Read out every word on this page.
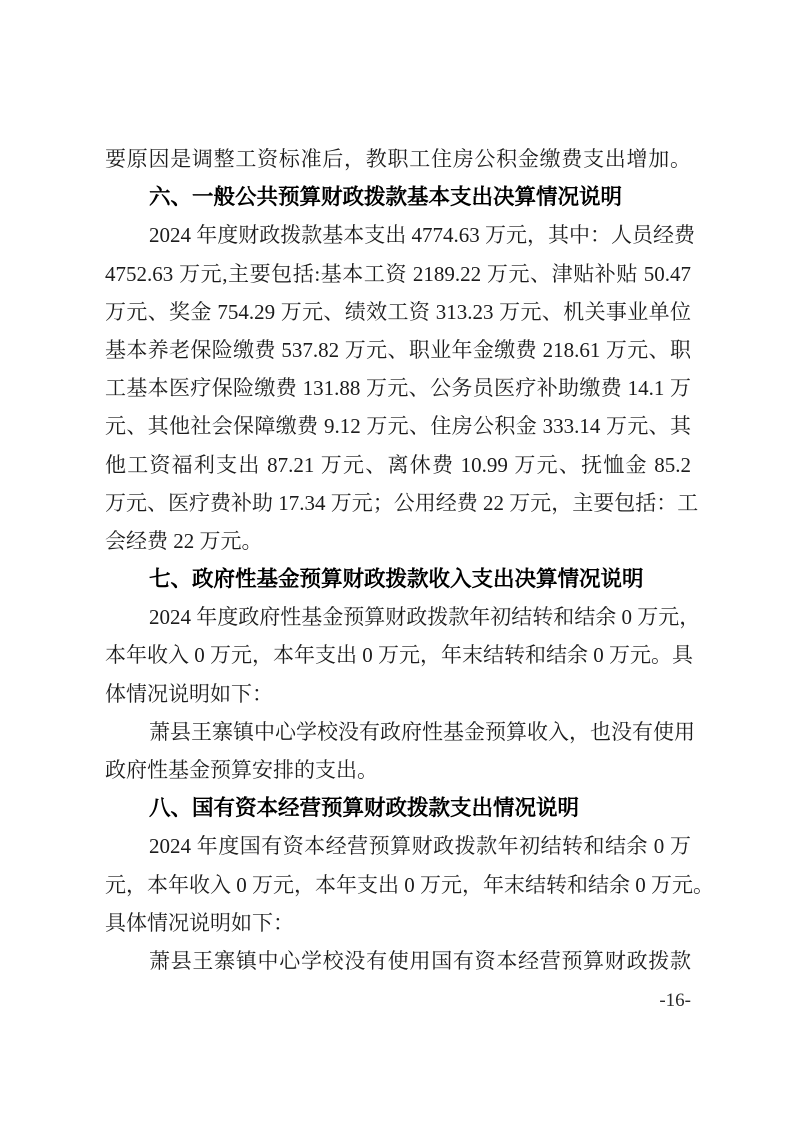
要原因是调整工资标准后，教职工住房公积金缴费支出增加。
六、一般公共预算财政拨款基本支出决算情况说明
2024 年度财政拨款基本支出 4774.63 万元，其中：人员经费
4752.63 万元,主要包括:基本工资 2189.22 万元、津贴补贴 50.47
万元、奖金 754.29 万元、绩效工资 313.23 万元、机关事业单位
基本养老保险缴费 537.82 万元、职业年金缴费 218.61 万元、职
工基本医疗保险缴费 131.88 万元、公务员医疗补助缴费 14.1 万
元、其他社会保障缴费 9.12 万元、住房公积金 333.14 万元、其
他工资福利支出 87.21 万元、离休费 10.99 万元、抚恤金 85.2
万元、医疗费补助 17.34 万元；公用经费 22 万元，主要包括：工
会经费 22 万元。
七、政府性基金预算财政拨款收入支出决算情况说明
2024 年度政府性基金预算财政拨款年初结转和结余 0 万元，
本年收入 0 万元，本年支出 0 万元，年末结转和结余 0 万元。具
体情况说明如下：
萧县王寨镇中心学校没有政府性基金预算收入，也没有使用
政府性基金预算安排的支出。
八、国有资本经营预算财政拨款支出情况说明
2024 年度国有资本经营预算财政拨款年初结转和结余 0 万
元，本年收入 0 万元，本年支出 0 万元，年末结转和结余 0 万元。
具体情况说明如下：
萧县王寨镇中心学校没有使用国有资本经营预算财政拨款
-16-
